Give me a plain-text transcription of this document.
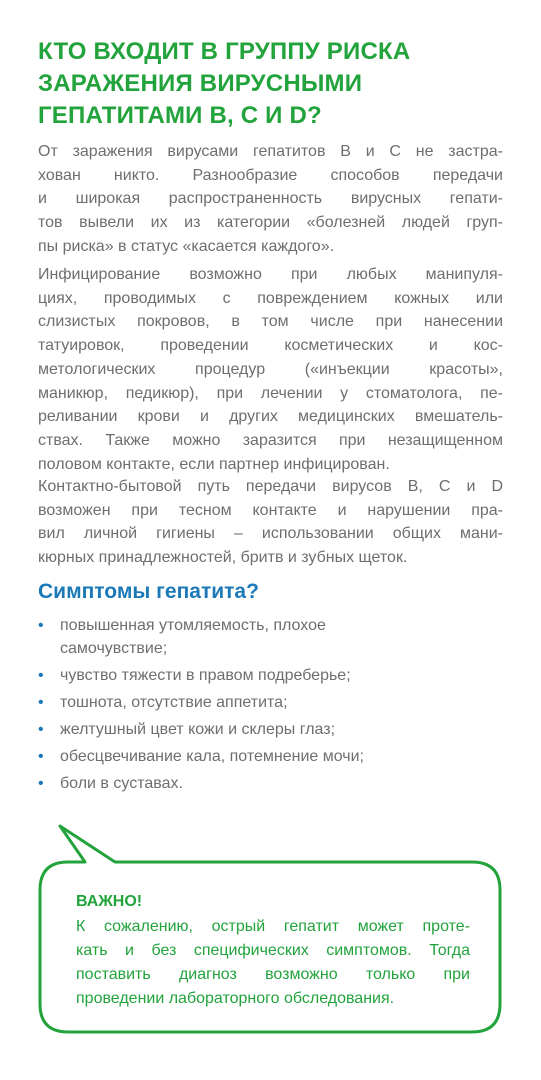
КТО ВХОДИТ В ГРУППУ РИСКА
ЗАРАЖЕНИЯ ВИРУСНЫМИ
ГЕПАТИТАМИ B, C И D?

От заражения вирусами гепатитов В и С не застра-
хован никто. Разнообразие способов передачи
и широкая распространенность вирусных гепати-
тов вывели их из категории «болезней людей груп-
пы риска» в статус «касается каждого».

Инфицирование возможно при любых манипуля-
циях, проводимых с повреждением кожных или
слизистых покровов, в том числе при нанесении
татуировок, проведении косметических и кос-
метологических процедур («инъекции красоты»,
маникюр, педикюр), при лечении у стоматолога, пе-
реливании крови и других медицинских вмешатель-
ствах. Также можно заразится при незащищенном
половом контакте, если партнер инфицирован.

Контактно-бытовой путь передачи вирусов B, C и D
возможен при тесном контакте и нарушении пра-
вил личной гигиены – использовании общих мани-
кюрных принадлежностей, бритв и зубных щеток.

Симптомы гепатита?
• повышенная утомляемость, плохое
самочувствие;
• чувство тяжести в правом подреберье;
• тошнота, отсутствие аппетита;
• желтушный цвет кожи и склеры глаз;
• обесцвечивание кала, потемнение мочи;
• боли в суставах.
ВАЖНО!
К сожалению, острый гепатит может проте-
кать и без специфических симптомов. Тогда
поставить диагноз возможно только при
проведении лабораторного обследования.
